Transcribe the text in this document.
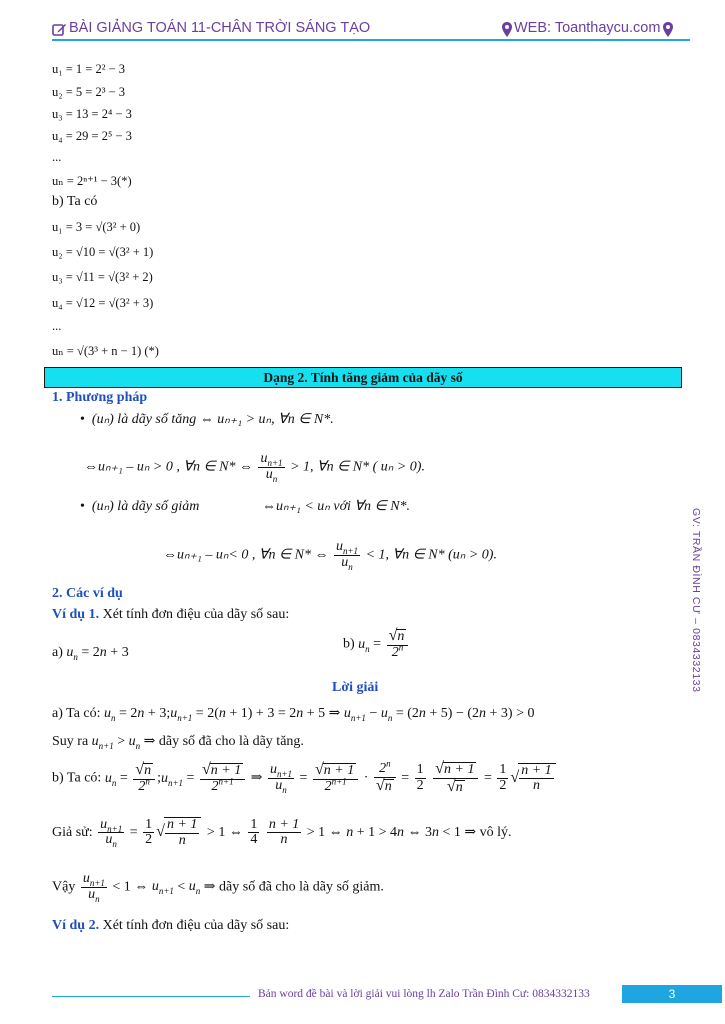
BÀI GIẢNG TOÁN 11-CHÂN TRỜI SÁNG TẠO	WEB: Toanthaycu.com
u₁ = 1 = 2² − 3
u₂ = 5 = 2³ − 3
u₃ = 13 = 2⁴ − 3
u₄ = 29 = 2⁵ − 3
...
uₙ = 2ⁿ⁺¹ − 3(*)
b) Ta có
u₁ = 3 = √(3² + 0)
u₂ = √10 = √(3² + 1)
u₃ = √11 = √(3² + 2)
u₄ = √12 = √(3² + 3)
...
uₙ = √(3³ + n − 1) (*)
Dạng 2. Tính tăng giảm của dãy số
1. Phương pháp
•  (uₙ) là dãy số tăng ⇔ uₙ₊₁ > uₙ, ∀n ∈ N*.
⇔uₙ₊₁ – uₙ > 0 , ∀n ∈ N* ⇔ $\frac{u_{n+1}}{u_n} > 1$, ∀n ∈ N* ( uₙ > 0).
•  (uₙ) là dãy số giảm	⇔uₙ₊₁ < uₙ với ∀n ∈ N*.
⇔uₙ₊₁ – uₙ< 0 , ∀n ∈ N* ⇔ $\frac{u_{n+1}}{u_n} < 1$, ∀n ∈ N* (uₙ > 0).
2. Các ví dụ
Ví dụ 1. Xét tính đơn điệu của dãy số sau:
a) $u_n = 2n + 3$
b) $u_n = \frac{√n}{2^n}$
Lời giải
a) Ta có: $u_n = 2n$ + $3;u_{n+1} = 2(n + 1) + 3 = 2n + 5$ ⇒ $u_{n+1} - u_n = (2n + 5) - (2n + 3) > 0$
Suy ra $u_{n+1} > u_n$ ⇒ dãy số đã cho là dãy tăng.
b) Ta có: $u_n = \frac{√n}{2^n}$ $;u_{n+1} = \frac{√n + 1}{2^{n+1}}$ ⇒ $\frac{u_{n+1}}{u_n} = \frac{√n + 1}{2^{n+1}} \cdot \frac{2^n}{√n} = \frac{1}{2}$
$\frac{√n + 1}{√n} = \frac{1}{2}$ √ $\frac{n + 1}{n}$
Giả sử: $\frac{u_{n+1}}{u_n} = \frac{1}{2}$ √ $\frac{n + 1}{n} > 1$ ⇔ $\frac{1}{4}$
$\frac{n + 1}{n} > 1$ ⇔ n + 1 > 4n ⇔ 3n < 1 ⇒ vô lý.
Vậy $\frac{u_{n+1}}{u_n} < 1$ ⇔ $u_{n+1} < u_n$ ⇒ dãy số đã cho là dãy số giảm.
Ví dụ 2. Xét tính đơn điệu của dãy số sau:
GV: TRẦN ĐÌNH CƯ – 0834332133
Bản word đề bài và lời giải vui lòng lh Zalo Trần Đình Cư: 0834332133	3
